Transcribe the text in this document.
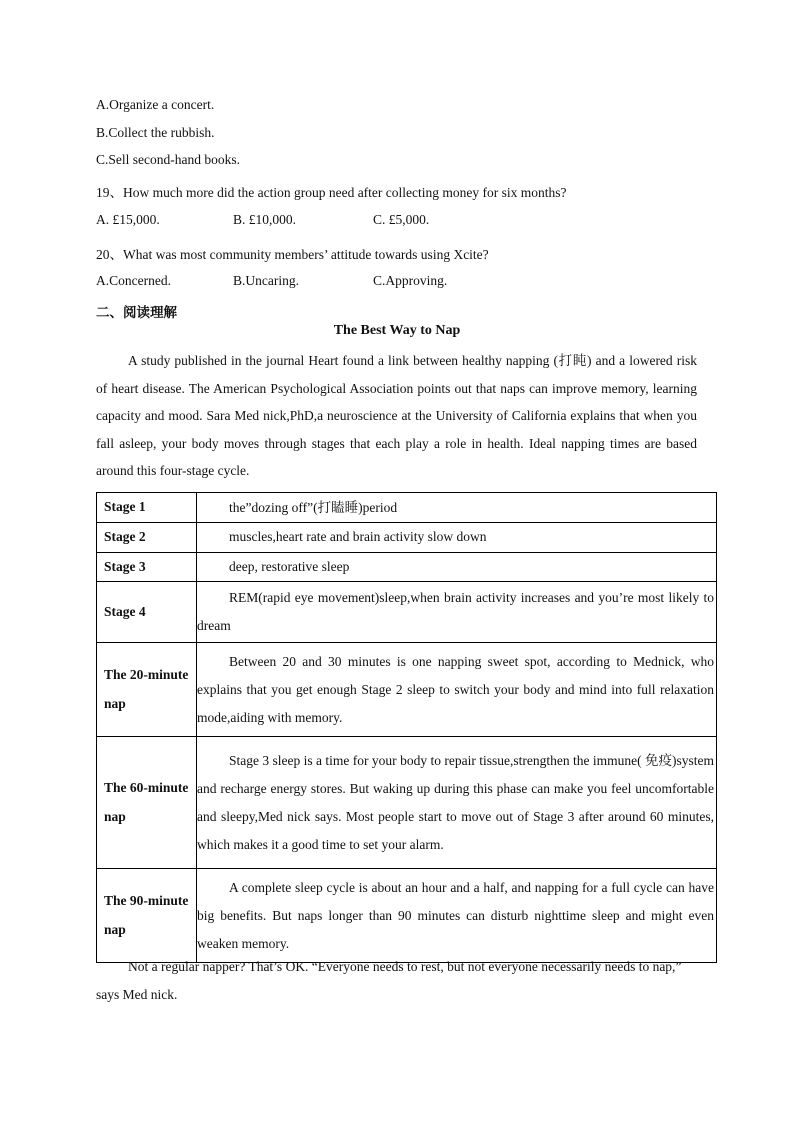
A.Organize a concert.
B.Collect the rubbish.
C.Sell second-hand books.
19、How much more did the action group need after collecting money for six months?
A. £15,000.	B. £10,000.	C. £5,000.
20、What was most community members’ attitude towards using Xcite?
A.Concerned.	B.Uncaring.	C.Approving.
二、阅读理解
The Best Way to Nap
A study published in the journal Heart found a link between healthy napping (打盹) and a lowered risk of heart disease. The American Psychological Association points out that naps can improve memory, learning capacity and mood. Sara Med nick,PhD,a neuroscience at the University of California explains that when you fall asleep, your body moves through stages that each play a role in health. Ideal napping times are based around this four-stage cycle.
Stage 1	the”dozing off”(打瞌睡)period

Stage 2	muscles,heart rate and brain activity slow down

Stage 3	deep, restorative sleep

Stage 4	REM(rapid eye movement)sleep,when brain activity increases and you’re most likely to dream

The 20-minute nap	Between 20 and 30 minutes is one napping sweet spot, according to Mednick, who explains that you get enough Stage 2 sleep to switch your body and mind into full relaxation mode,aiding with memory.

The 60-minute nap	Stage 3 sleep is a time for your body to repair tissue,strengthen the immune( 免疫)system and recharge energy stores. But waking up during this phase can make you feel uncomfortable and sleepy,Med nick says. Most people start to move out of Stage 3 after around 60 minutes, which makes it a good time to set your alarm.

The 90-minute nap	A complete sleep cycle is about an hour and a half, and napping for a full cycle can have big benefits. But naps longer than 90 minutes can disturb nighttime sleep and might even weaken memory.
Not a regular napper? That’s OK. “Everyone needs to rest, but not everyone necessarily needs to nap,” says Med nick.
